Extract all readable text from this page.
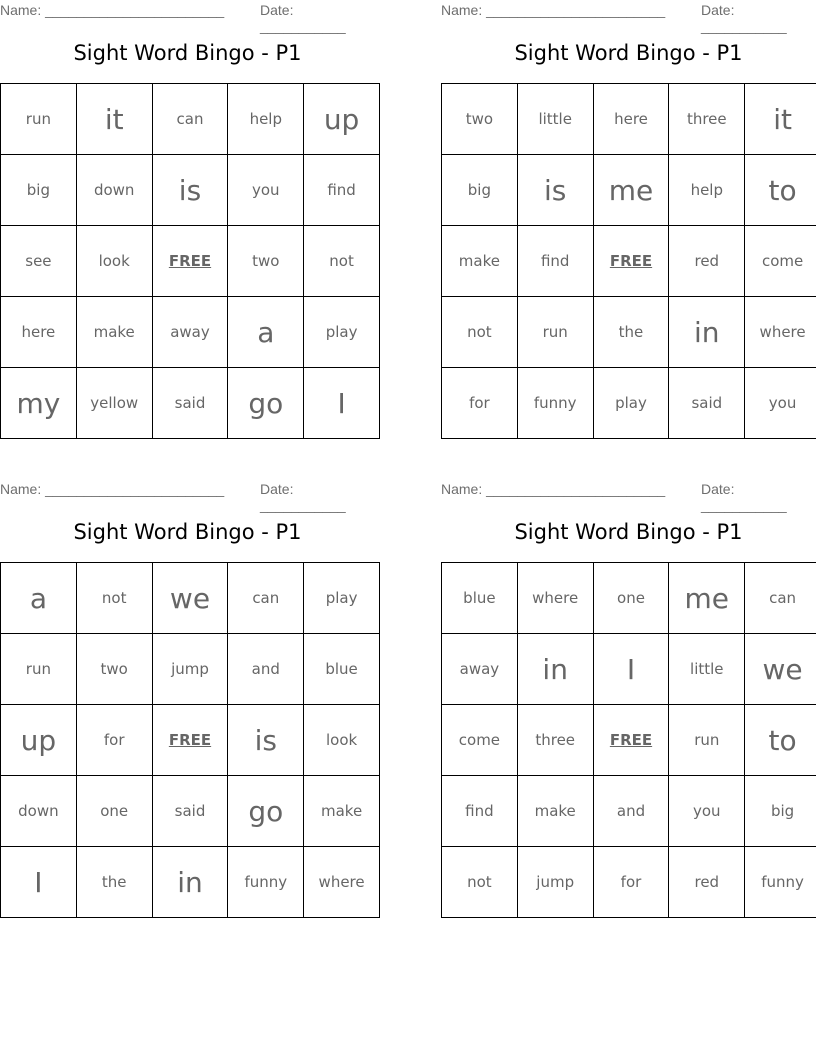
Name: _______________________	Date: ___________
Sight Word Bingo - P1
run	it	can	help	up
big	down	is	you	find
see	look	FREE	two	not
here	make	away	a	play
my	yellow	said	go	I
Name: _______________________	Date: ___________
Sight Word Bingo - P1
two	little	here	three	it
big	is	me	help	to
make	find	FREE	red	come
not	run	the	in	where
for	funny	play	said	you
Name: _______________________	Date: ___________
Sight Word Bingo - P1
a	not	we	can	play
run	two	jump	and	blue
up	for	FREE	is	look
down	one	said	go	make
I	the	in	funny	where
Name: _______________________	Date: ___________
Sight Word Bingo - P1
blue	where	one	me	can
away	in	I	little	we
come	three	FREE	run	to
find	make	and	you	big
not	jump	for	red	funny
